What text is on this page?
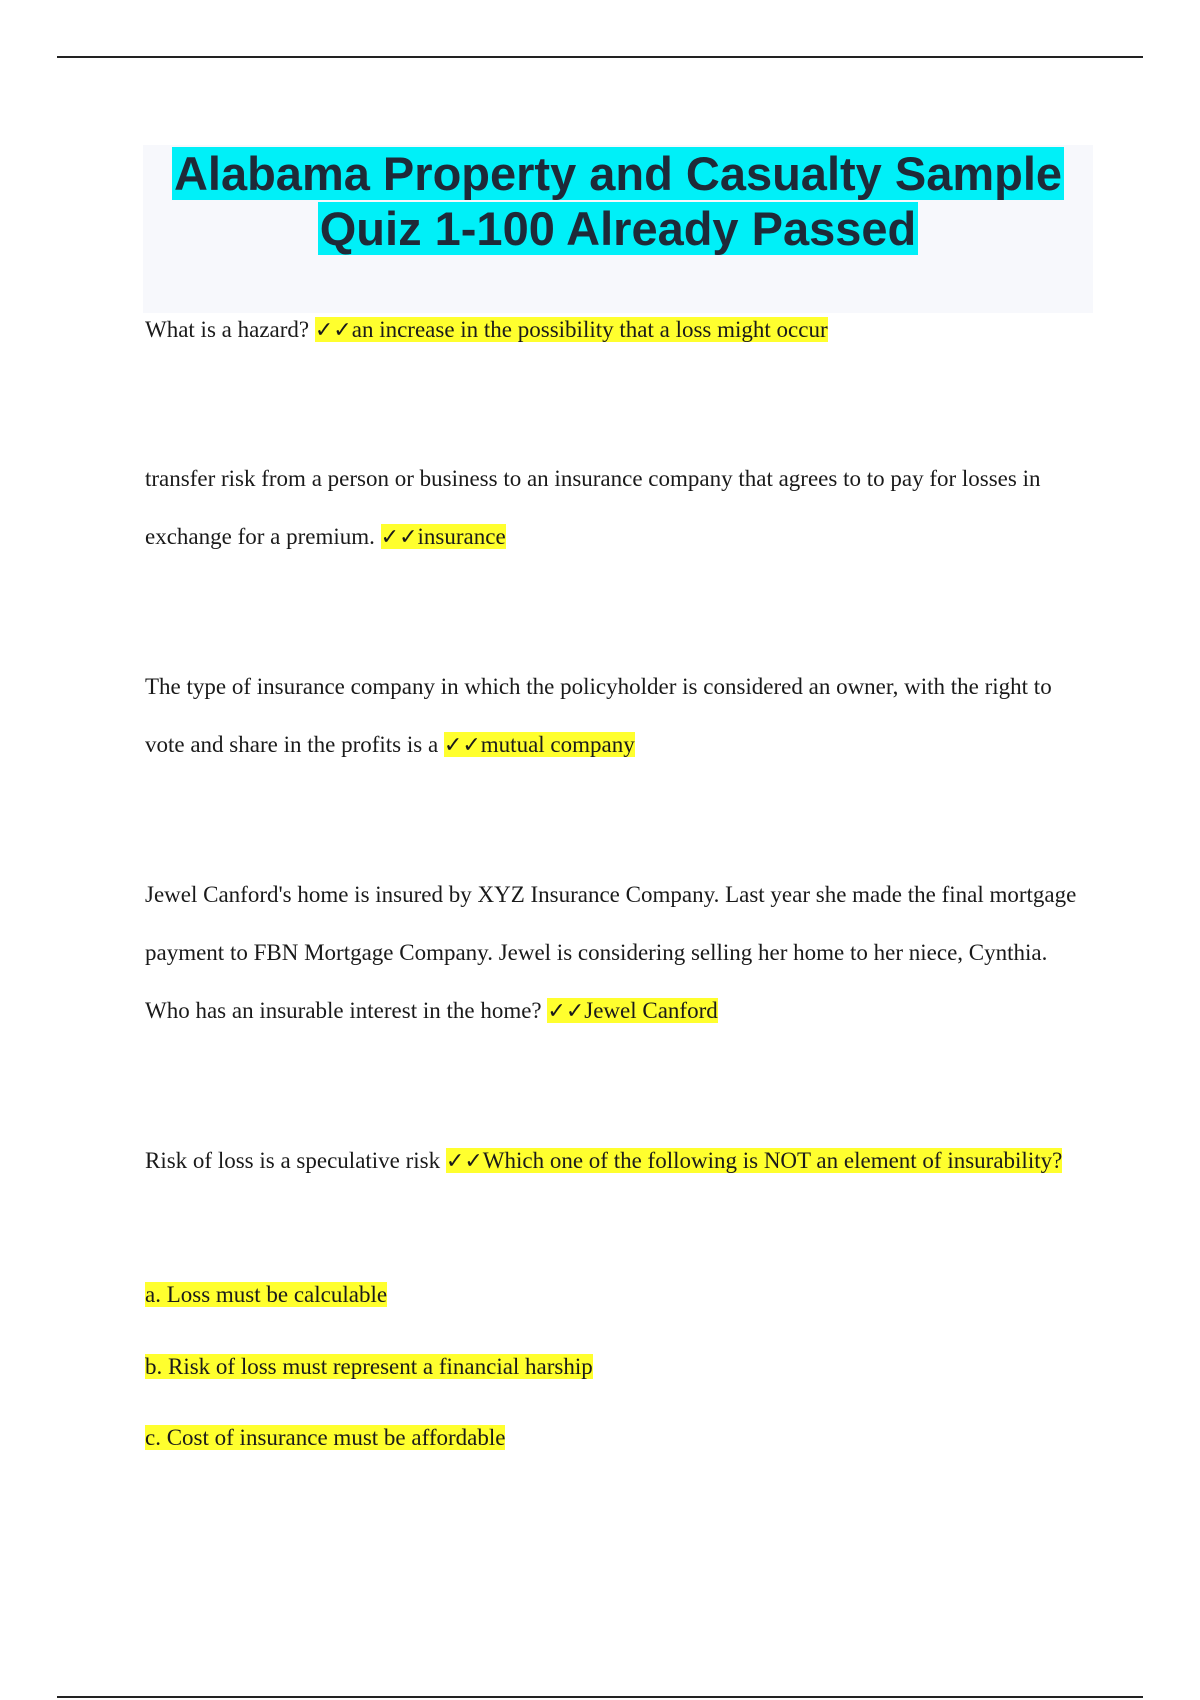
Alabama Property and Casualty Sample Quiz 1-100 Already Passed

What is a hazard? ✓✓an increase in the possibility that a loss might occur

transfer risk from a person or business to an insurance company that agrees to to pay for losses in exchange for a premium. ✓✓insurance

The type of insurance company in which the policyholder is considered an owner, with the right to vote and share in the profits is a ✓✓mutual company

Jewel Canford's home is insured by XYZ Insurance Company. Last year she made the final mortgage payment to FBN Mortgage Company. Jewel is considering selling her home to her niece, Cynthia. Who has an insurable interest in the home? ✓✓Jewel Canford

Risk of loss is a speculative risk ✓✓Which one of the following is NOT an element of insurability?

a. Loss must be calculable

b. Risk of loss must represent a financial harship

c. Cost of insurance must be affordable
